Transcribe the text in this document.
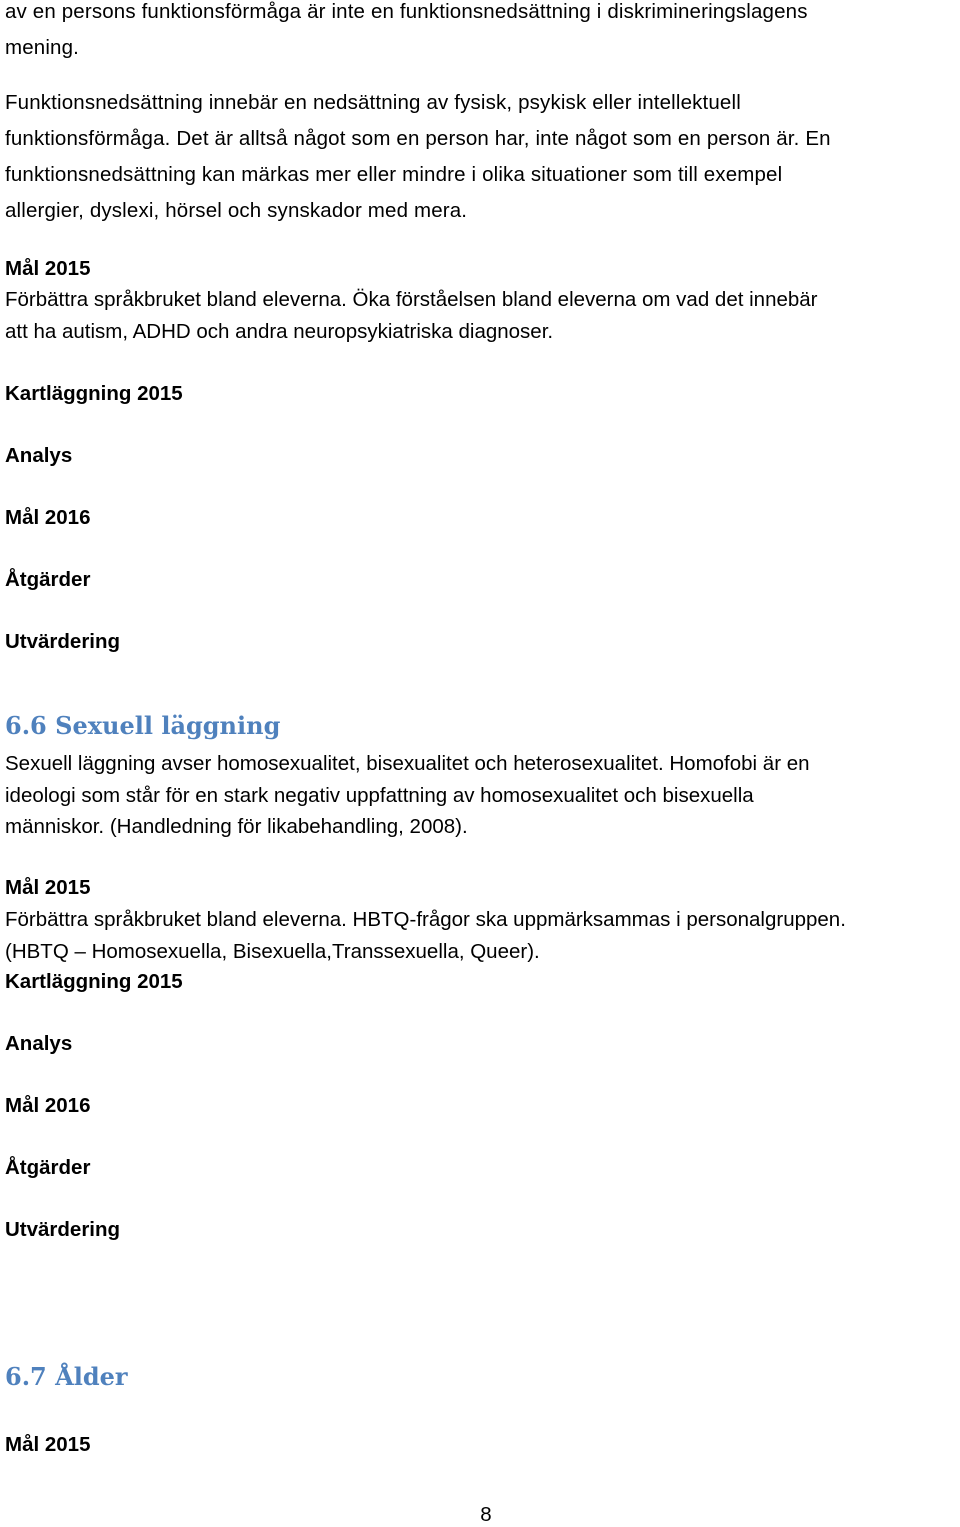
av en persons funktionsförmåga är inte en funktionsnedsättning i diskrimineringslagens
mening.
Funktionsnedsättning innebär en nedsättning av fysisk, psykisk eller intellektuell
funktionsförmåga. Det är alltså något som en person har, inte något som en person är. En
funktionsnedsättning kan märkas mer eller mindre i olika situationer som till exempel
allergier, dyslexi, hörsel och synskador med mera.
Mål 2015
Förbättra språkbruket bland eleverna. Öka förståelsen bland eleverna om vad det innebär
att ha autism, ADHD och andra neuropsykiatriska diagnoser.
Kartläggning 2015
Analys
Mål 2016
Åtgärder
Utvärdering
6.6 Sexuell läggning
Sexuell läggning avser homosexualitet, bisexualitet och heterosexualitet. Homofobi är en
ideologi som står för en stark negativ uppfattning av homosexualitet och bisexuella
människor. (Handledning för likabehandling, 2008).
Mål 2015
Förbättra språkbruket bland eleverna. HBTQ-frågor ska uppmärksammas i personalgruppen.
(HBTQ – Homosexuella, Bisexuella,Transsexuella, Queer).
Kartläggning 2015
Analys
Mål 2016
Åtgärder
Utvärdering
6.7 Ålder
Mål 2015
8
